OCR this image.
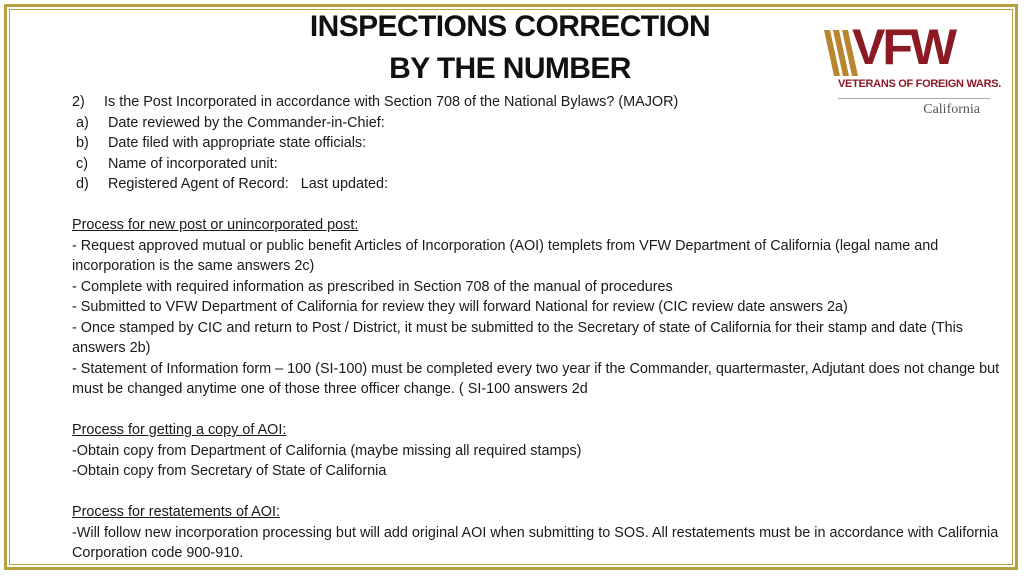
INSPECTIONS CORRECTION
BY THE NUMBER	VFW
VETERANS OF FOREIGN WARS.
California
2) Is the Post Incorporated in accordance with Section 708 of the National Bylaws? (MAJOR)
a) Date reviewed by the Commander-in-Chief:
b) Date filed with appropriate state officials:
c) Name of incorporated unit:
d) Registered Agent of Record:   Last updated:
Process for new post or unincorporated post:
- Request approved mutual or public benefit Articles of Incorporation (AOI) templets from VFW Department of California (legal name and incorporation is the same answers 2c)
- Complete with required information as prescribed in Section 708 of the manual of procedures
- Submitted to VFW Department of California for review they will forward National for review (CIC review date answers 2a)
- Once stamped by CIC and return to Post / District, it must be submitted to the Secretary of state of California for their stamp and date (This answers 2b)
- Statement of Information form – 100 (SI-100) must be completed every two year if the Commander, quartermaster, Adjutant does not change but must be changed anytime one of those three officer change. ( SI-100 answers 2d
Process for getting a copy of AOI:
-Obtain copy from Department of California (maybe missing all required stamps)
-Obtain copy from Secretary of State of California
Process for restatements of AOI:
-Will follow new incorporation processing but will add original AOI when submitting to SOS. All restatements must be in accordance with California Corporation code 900-910.
